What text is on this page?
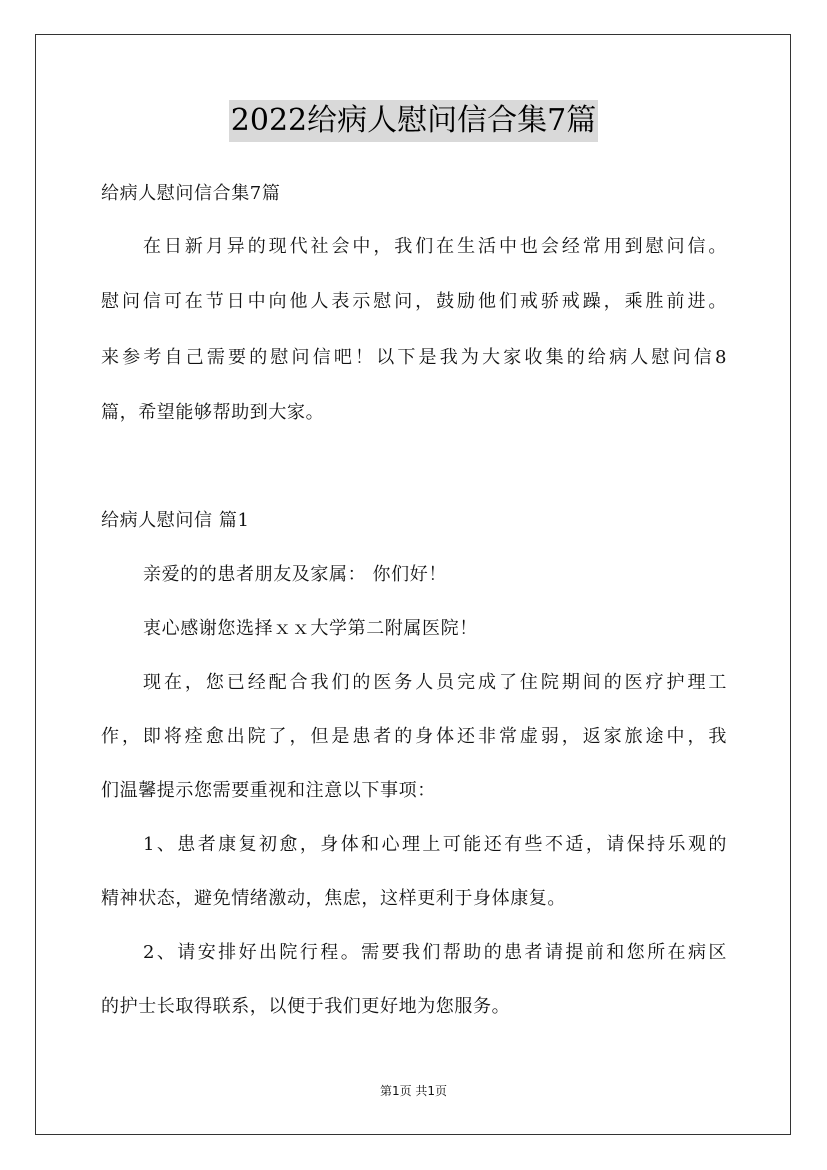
2022给病人慰问信合集7篇
给病人慰问信合集7篇
在日新月异的现代社会中，我们在生活中也会经常用到慰问信。
慰问信可在节日中向他人表示慰问，鼓励他们戒骄戒躁，乘胜前进。
来参考自己需要的慰问信吧！以下是我为大家收集的给病人慰问信8
篇，希望能够帮助到大家。
给病人慰问信 篇1
亲爱的的患者朋友及家属： 你们好！
衷心感谢您选择ｘｘ大学第二附属医院！
现在，您已经配合我们的医务人员完成了住院期间的医疗护理工
作，即将痊愈出院了，但是患者的身体还非常虚弱，返家旅途中，我
们温馨提示您需要重视和注意以下事项：
1、患者康复初愈，身体和心理上可能还有些不适，请保持乐观的
精神状态，避免情绪激动，焦虑，这样更利于身体康复。
2、请安排好出院行程。需要我们帮助的患者请提前和您所在病区
的护士长取得联系，以便于我们更好地为您服务。
第1页 共1页
